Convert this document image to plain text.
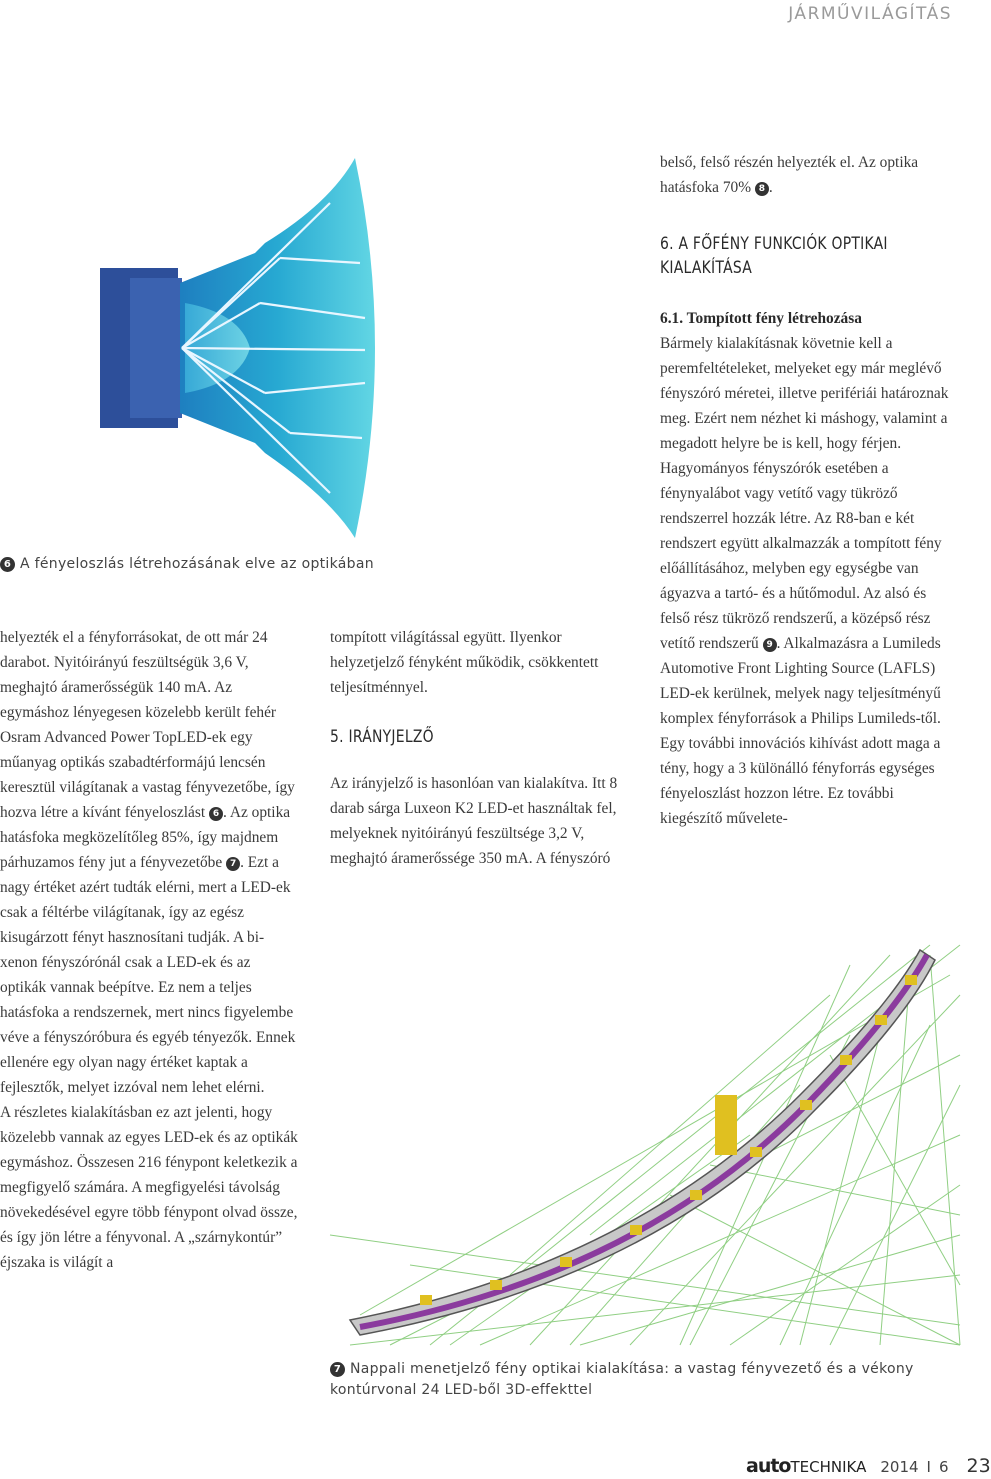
JÁRMŰVILÁGÍTÁS
6 A fényeloszlás létrehozásának elve az optikában

helyezték el a fényforrásokat, de ott már 24 darabot. Nyitóirányú feszültségük 3,6 V, meghajtó áramerősségük 140 mA. Az egymáshoz lényegesen közelebb került fehér Osram Advanced Power TopLED-ek egy műanyag optikás szabadtérformájú lencsén keresztül világítanak a vastag fényvezetőbe, így hozva létre a kívánt fényeloszlást 6 . Az optika hatásfoka megközelítőleg 85%, így majdnem párhuzamos fény jut a fényvezetőbe 7 . Ezt a nagy értéket azért tudták elérni, mert a LED-ek csak a féltérbe világítanak, így az egész kisugárzott fényt hasznosítani tudják. A bi-xenon fényszórónál csak a LED-ek és az optikák vannak beépítve. Ez nem a teljes hatásfoka a rendszernek, mert nincs figyelembe véve a fényszóróbura és egyéb tényezők. Ennek ellenére egy olyan nagy értéket kaptak a fejlesztők, melyet izzóval nem lehet elérni.

A részletes kialakításban ez azt jelenti, hogy közelebb vannak az egyes LED-ek és az optikák egymáshoz. Összesen 216 fénypont keletkezik a megfigyelő számára. A megfigyelési távolság növekedésével egyre több fénypont olvad össze, és így jön létre a fényvonal. A „szárnykontúr” éjszaka is világít a

tompított világítással együtt. Ilyenkor helyzetjelző fényként működik, csökkentett teljesítménnyel.

5. IRÁNYJELZŐ

Az irányjelző is hasonlóan van kialakítva. Itt 8 darab sárga Luxeon K2 LED-et használtak fel, melyeknek nyitóirányú feszültsége 3,2 V, meghajtó áramerőssége 350 mA. A fényszóró

belső, felső részén helyezték el. Az optika hatásfoka 70% 8 .

6. A FŐFÉNY FUNKCIÓK OPTIKAI KIALAKÍTÁSA

6.1. Tompított fény létrehozása

Bármely kialakításnak követnie kell a peremfeltételeket, melyeket egy már meglévő fényszóró méretei, illetve perifériái határoznak meg. Ezért nem nézhet ki máshogy, valamint a megadott helyre be is kell, hogy férjen. Hagyományos fényszórók esetében a fénynyalábot vagy vetítő vagy tükröző rendszerrel hozzák létre. Az R8-ban e két rendszert együtt alkalmazzák a tompított fény előállításához, melyben egy egységbe van ágyazva a tartó- és a hűtőmodul. Az alsó és felső rész tükröző rendszerű, a középső rész vetítő rendszerű 9 . Alkalmazásra a Lumileds Automotive Front Lighting Source (LAFLS) LED-ek kerülnek, melyek nagy teljesítményű komplex fényforrások a Philips Lumileds-től. Egy további innovációs kihívást adott maga a tény, hogy a 3 különálló fényforrás egységes fényeloszlást hozzon létre. Ez további kiegészítő művelete-

7 Nappali menetjelző fény optikai kialakítása: a vastag fényvezető és a vékony kontúrvonal 24 LED-ből 3D-effekttel
autoTECHNIKA 2014 I 6 23
